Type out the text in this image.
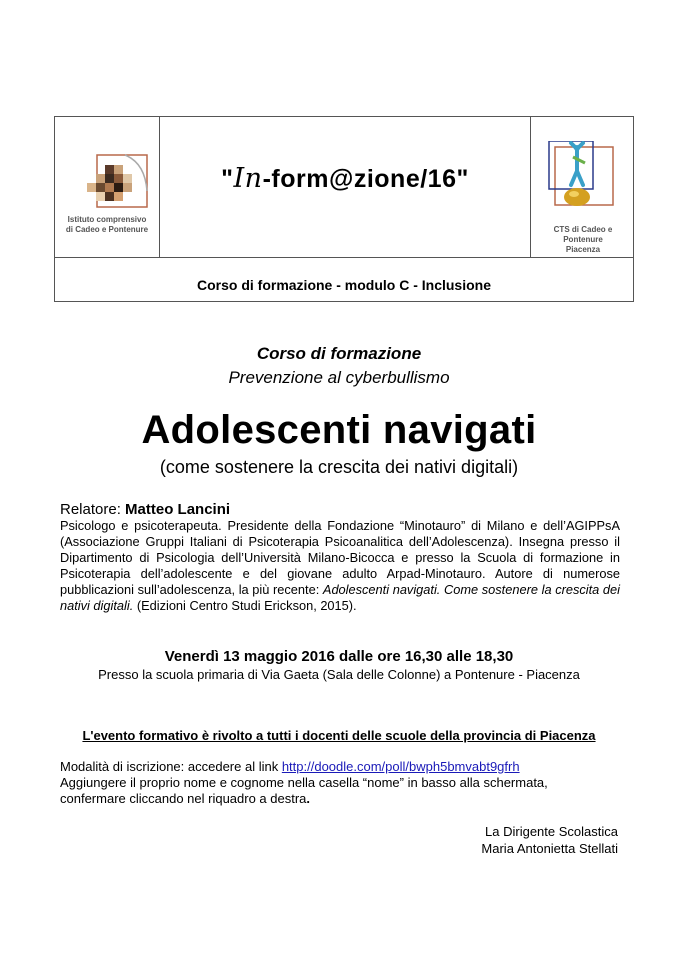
Istituto comprensivo
di Cadeo e Pontenure
"In-form@zione/16"
CTS di Cadeo e
Pontenure
Piacenza
Corso di formazione - modulo C - Inclusione
Corso di formazione
Prevenzione al cyberbullismo
Adolescenti navigati
(come sostenere la crescita dei nativi digitali)
Relatore: Matteo Lancini
Psicologo e psicoterapeuta. Presidente della Fondazione “Minotauro” di Milano e dell’AGIPPsA (Associazione Gruppi Italiani di Psicoterapia Psicoanalitica dell’Adolescenza). Insegna presso il Dipartimento di Psicologia dell’Università Milano-Bicocca e presso la Scuola di formazione in Psicoterapia dell’adolescente e del giovane adulto Arpad-Minotauro. Autore di numerose pubblicazioni sull’adolescenza, la più recente: Adolescenti navigati. Come sostenere la crescita dei nativi digitali. (Edizioni Centro Studi Erickson, 2015).
Venerdì 13 maggio 2016 dalle ore 16,30 alle 18,30
Presso la scuola primaria di Via Gaeta (Sala delle Colonne) a Pontenure - Piacenza
L'evento formativo è rivolto a tutti i docenti delle scuole della provincia di Piacenza
Modalità di iscrizione: accedere al link http://doodle.com/poll/bwph5bmvabt9gfrh
Aggiungere il proprio nome e cognome nella casella “nome” in basso alla schermata,
confermare cliccando nel riquadro a destra.
La Dirigente Scolastica
Maria Antonietta Stellati
